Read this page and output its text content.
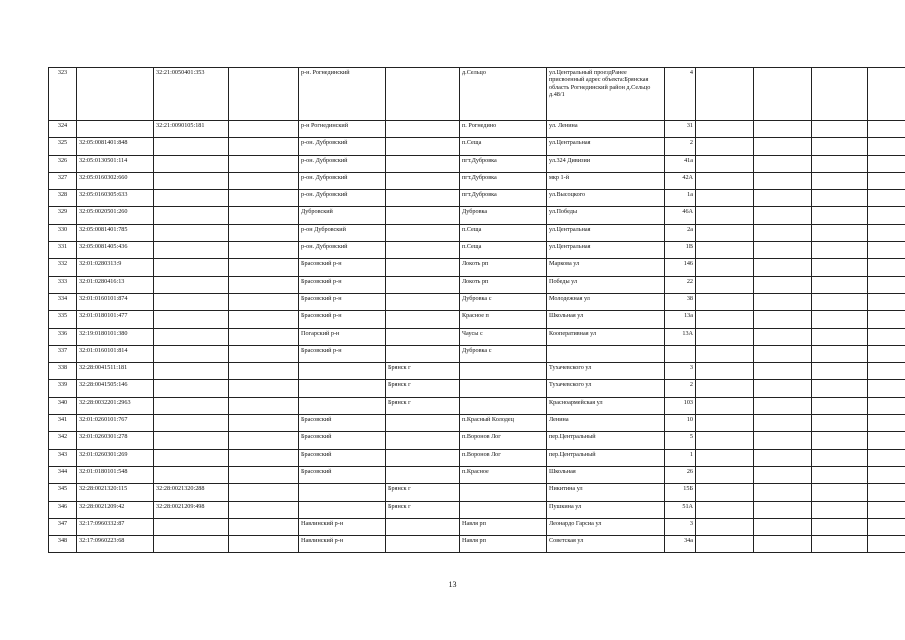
323		32:21:0050401:353		р-н. Рогнединский		д.Сельцо	ул.Центральный проездРанее присвоенный адрес объекта:Брянская область Рогнединский район д.Сельцо д.48/1	4				
324		32:21:0090105:181		р-н Рогнединский		п. Рогнедино	ул. Ленина	31				
325	32:05:0081401:848			р-он. Дубровский		п.Сеща	ул.Центральная	2				
326	32:05:0130501:114			р-он. Дубровский		пгт.Дубровка	ул.324 Дивизии	41а				
327	32:05:0160302:660			р-он. Дубровский		пгт.Дубровка	мкр 1-й	42А				
328	32:05:0160305:633			р-он. Дубровский		пгт.Дубровка	ул.Высоцкого	1а				
329	32:05:0020501:260			Дубровский		Дубровка	ул.Победы	46А				
330	32:05:0081401:785			р-он Дубровский		п.Сеща	ул.Центральная	2а				
331	32:05:0081405:436			р-он. Дубровский		п.Сеща	ул.Центральная	1В				
332	32:01:0280313:9			Брасовский р-н		Локоть рп	Маркова ул	146				
333	32:01:0280416:13			Брасовский р-н		Локоть рп	Победы ул	22				
334	32:01:0160101:874			Брасовский р-н		Дубровка с	Молодежная ул	38				
335	32:01:0180101:477			Брасовский р-н		Красное п	Школьная ул	13а				
336	32:19:0180101:380			Погарский р-н		Чаусы с	Кооперативная ул	13А				
337	32:01:0160101:814			Брасовский р-н		Дубровка с						
338	32:28:0041511:181				Брянск г		Тухачевского ул	3				
339	32:28:0041505:146				Брянск г		Тухачевского ул	2				
340	32:28:0032201:2963				Брянск г		Красноармейская ул	103				
341	32:01:0260101:767			Брасовский		п.Красный Колодец	Ленина	10				
342	32:01:0260301:278			Брасовский		п.Воронов Лог	пер.Центральный	5				
343	32:01:0260301:269			Брасовский		п.Воронов Лог	пер.Центральный	1				
344	32:01:0180101:548			Брасовский		п.Красное	Школьная	26				
345	32:28:0021320:115	32:28:0021320:288			Брянск г		Никитина ул	15Б				
346	32:28:0021209:42	32:28:0021209:498			Брянск г		Пушкина ул	51А				
347	32:17:0960332:87			Навлинский р-н		Навля рп	Леонардо Гарсиа ул	3				
348	32:17:0960223:68			Навлинский р-н		Навля рп	Советская ул	34а				
13
